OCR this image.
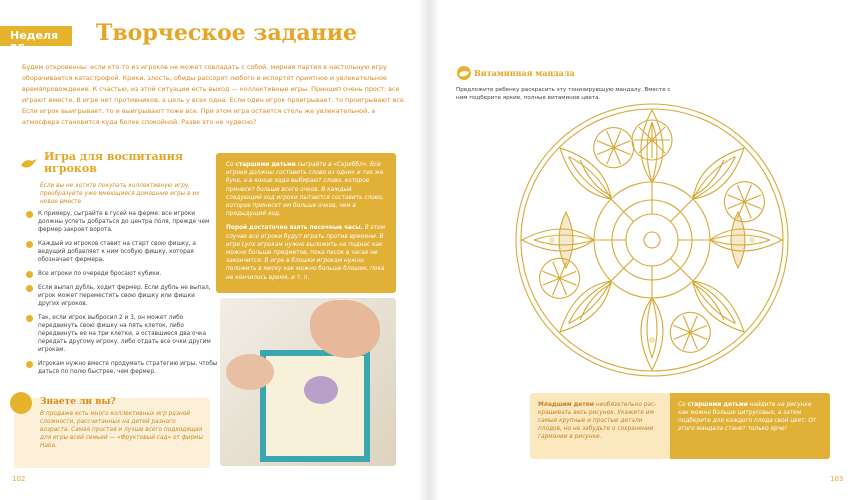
Неделя 25
Творческое задание
Будем откровенны: если кто-то из игроков не может совладать с собой, мирная партия в настольную игру оборачивается катастрофой. Крики, злость, обиды рассорят любого и испортят приятное и увлекательное времяпровождение. К счастью, из этой ситуации есть выход — коллективные игры. Принцип очень прост: все играют вместе. В игре нет противников, а цель у всех одна. Если один игрок проигрывает, то проигрывают все. Если игрок выигрывает, то и выигрывают тоже все. При этом игра остается столь же увлекательной, а атмосфера становится куда более спокойной. Разве это не чудесно?
Игра для воспитания игроков
Если вы не хотите покупать коллективную игру, преобразуйте уже имеющиеся домашние игры в их новое вместе.
К примеру, сыграйте в гусей на ферме: все игроки должны успеть добраться до центра поля, прежде чем фермер закроет ворота.
Каждый из игроков ставит на старт свою фишку, а ведущий добавляет к ним особую фишку, которая обозначает фермера.
Все игроки по очереди бросают кубики.
Если выпал дубль, ходит фермер. Если дубль не выпал, игрок может переместить свою фишку или фишки других игроков.
Так, если игрок выбросил 2 и 3, он может либо передвинуть свою фишку на пять клеток, либо передвинуть ее на три клетки, а оставшиеся два очка передать другому игроку, либо отдать все очки другим игрокам.
Игрокам нужно вместе продумать стратегию игры, чтобы даться по полю быстрее, чем фермер.
Со старшими детьми сыграйте в «Скреббл». Все игроки должны составить слово из одних и тех же букв, а в конце хода выбирают слово, которое принесет больше всего очков. В каждый следующий ход игроки пытаются составить слово, которое принесет им больше очков, чем в предыдущий ход.
Порой достаточно взять песочные часы. В этом случае все игроки будут играть против времени. В игре Lynx игрокам нужно выложить на поднос как можно больше предметов, пока песок в часах не закончится. В игре в блошки игрокам нужно положить в миску как можно больше блошек, пока не кончилось время, и т. п.
Знаете ли вы?
В продаже есть много коллективных игр разной сложности, рассчитанных на детей разного возраста. Самая простая и лучше всего подходящая для игры всей семьей — «Фруктовый сад» от фирмы Haba.
102	103
Витаминная мандала
Предложите ребенку раскрасить эту тонизирующую мандалу. Вместе с ним подберите яркие, полные витаминов цвета.
Младшим детям необязательно раскрашивать весь рисунок. Укажите им самые крупные и простые детали плодов, но не забудьте о сохранении гармонии в рисунке.
Со старшими детьми найдите на рисунке как можно больше цитрусовых, а затем подберите для каждого плода свой цвет. От этого мандала станет только ярче!
